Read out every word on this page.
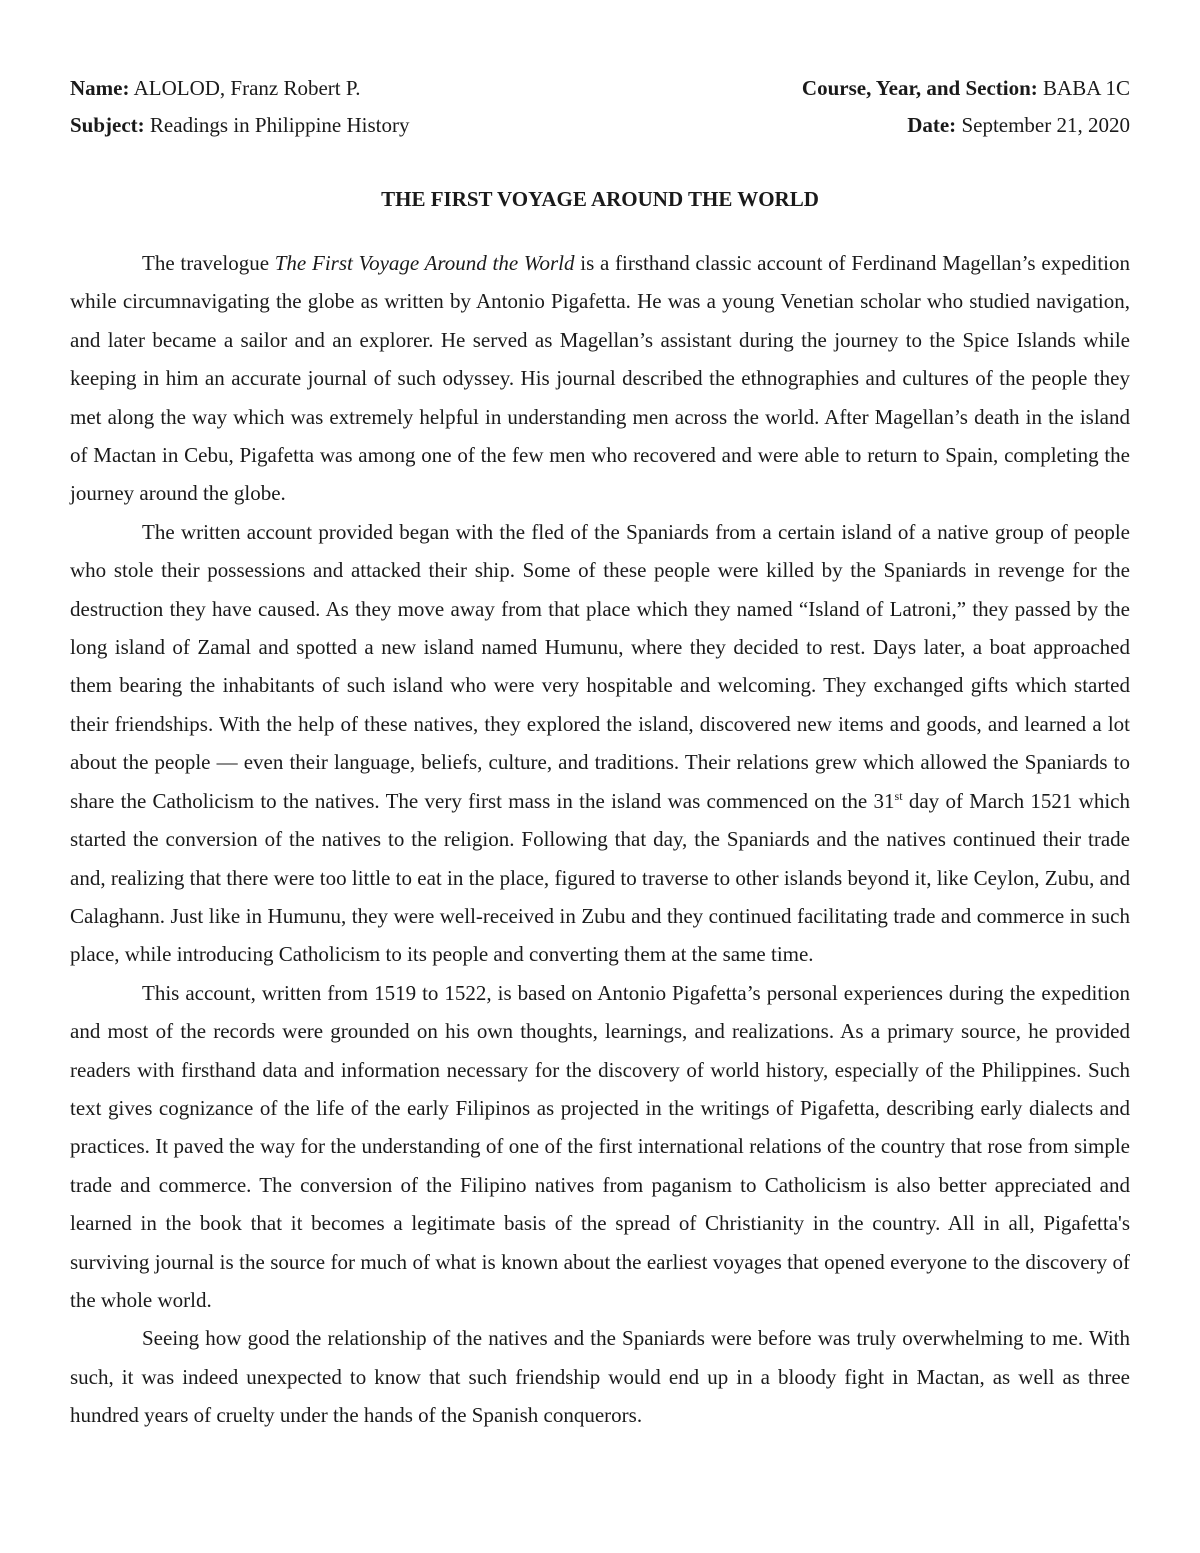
Name: ALOLOD, Franz Robert P.	Course, Year, and Section: BABA 1C
Subject: Readings in Philippine History	Date: September 21, 2020
THE FIRST VOYAGE AROUND THE WORLD

The travelogue The First Voyage Around the World is a firsthand classic account of Ferdinand Magellan’s expedition while circumnavigating the globe as written by Antonio Pigafetta. He was a young Venetian scholar who studied navigation, and later became a sailor and an explorer. He served as Magellan’s assistant during the journey to the Spice Islands while keeping in him an accurate journal of such odyssey. His journal described the ethnographies and cultures of the people they met along the way which was extremely helpful in understanding men across the world. After Magellan’s death in the island of Mactan in Cebu, Pigafetta was among one of the few men who recovered and were able to return to Spain, completing the journey around the globe.

The written account provided began with the fled of the Spaniards from a certain island of a native group of people who stole their possessions and attacked their ship. Some of these people were killed by the Spaniards in revenge for the destruction they have caused. As they move away from that place which they named “Island of Latroni,” they passed by the long island of Zamal and spotted a new island named Humunu, where they decided to rest. Days later, a boat approached them bearing the inhabitants of such island who were very hospitable and welcoming. They exchanged gifts which started their friendships. With the help of these natives, they explored the island, discovered new items and goods, and learned a lot about the people — even their language, beliefs, culture, and traditions. Their relations grew which allowed the Spaniards to share the Catholicism to the natives. The very first mass in the island was commenced on the 31st day of March 1521 which started the conversion of the natives to the religion. Following that day, the Spaniards and the natives continued their trade and, realizing that there were too little to eat in the place, figured to traverse to other islands beyond it, like Ceylon, Zubu, and Calaghann. Just like in Humunu, they were well-received in Zubu and they continued facilitating trade and commerce in such place, while introducing Catholicism to its people and converting them at the same time.

This account, written from 1519 to 1522, is based on Antonio Pigafetta’s personal experiences during the expedition and most of the records were grounded on his own thoughts, learnings, and realizations. As a primary source, he provided readers with firsthand data and information necessary for the discovery of world history, especially of the Philippines. Such text gives cognizance of the life of the early Filipinos as projected in the writings of Pigafetta, describing early dialects and practices. It paved the way for the understanding of one of the first international relations of the country that rose from simple trade and commerce. The conversion of the Filipino natives from paganism to Catholicism is also better appreciated and learned in the book that it becomes a legitimate basis of the spread of Christianity in the country. All in all, Pigafetta's surviving journal is the source for much of what is known about the earliest voyages that opened everyone to the discovery of the whole world.

Seeing how good the relationship of the natives and the Spaniards were before was truly overwhelming to me. With such, it was indeed unexpected to know that such friendship would end up in a bloody fight in Mactan, as well as three hundred years of cruelty under the hands of the Spanish conquerors.
